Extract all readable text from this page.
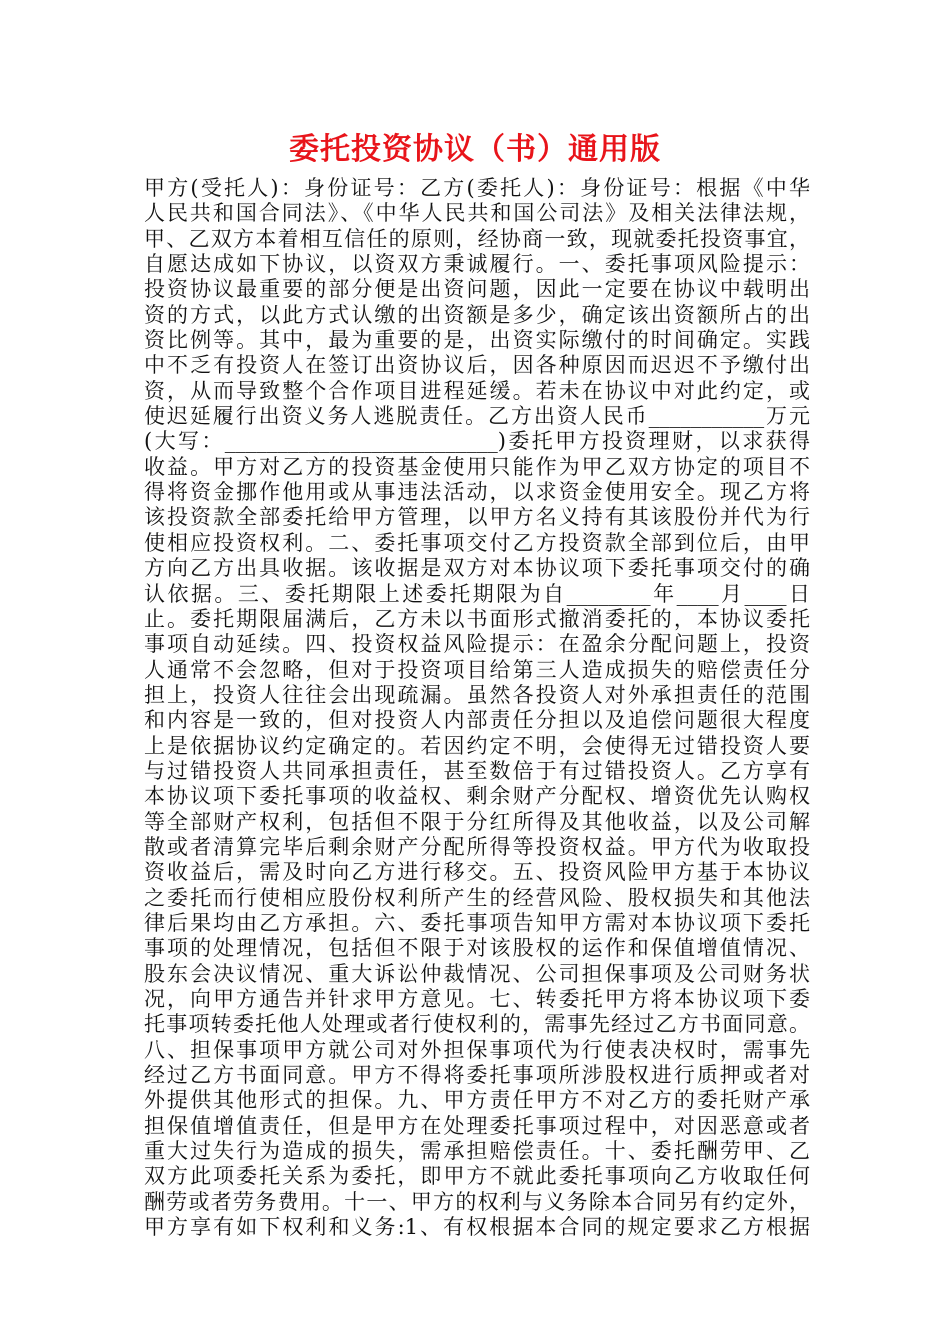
委托投资协议（书）通用版
甲方(受托人)：身份证号：乙方(委托人)：身份证号：根据《中华
人民共和国合同法》、《中华人民共和国公司法》及相关法律法规，
甲、乙双方本着相互信任的原则，经协商一致，现就委托投资事宜，
自愿达成如下协议，以资双方秉诚履行。一、委托事项风险提示：
投资协议最重要的部分便是出资问题，因此一定要在协议中载明出
资的方式，以此方式认缴的出资额是多少，确定该出资额所占的出
资比例等。其中，最为重要的是，出资实际缴付的时间确定。实践
中不乏有投资人在签订出资协议后，因各种原因而迟迟不予缴付出
资，从而导致整个合作项目进程延缓。若未在协议中对此约定，或
使迟延履行出资义务人逃脱责任。乙方出资人民币___________万元
(大写：__________________________)委托甲方投资理财，以求获得
收益。甲方对乙方的投资基金使用只能作为甲乙双方协定的项目不
得将资金挪作他用或从事违法活动，以求资金使用安全。现乙方将
该投资款全部委托给甲方管理，以甲方名义持有其该股份并代为行
使相应投资权利。二、委托事项交付乙方投资款全部到位后，由甲
方向乙方出具收据。该收据是双方对本协议项下委托事项交付的确
认依据。三、委托期限上述委托期限为自________年____月____日
止。委托期限届满后，乙方未以书面形式撤消委托的，本协议委托
事项自动延续。四、投资权益风险提示：在盈余分配问题上，投资
人通常不会忽略，但对于投资项目给第三人造成损失的赔偿责任分
担上，投资人往往会出现疏漏。虽然各投资人对外承担责任的范围
和内容是一致的，但对投资人内部责任分担以及追偿问题很大程度
上是依据协议约定确定的。若因约定不明，会使得无过错投资人要
与过错投资人共同承担责任，甚至数倍于有过错投资人。乙方享有
本协议项下委托事项的收益权、剩余财产分配权、增资优先认购权
等全部财产权利，包括但不限于分红所得及其他收益，以及公司解
散或者清算完毕后剩余财产分配所得等投资权益。甲方代为收取投
资收益后，需及时向乙方进行移交。五、投资风险甲方基于本协议
之委托而行使相应股份权利所产生的经营风险、股权损失和其他法
律后果均由乙方承担。六、委托事项告知甲方需对本协议项下委托
事项的处理情况，包括但不限于对该股权的运作和保值增值情况、
股东会决议情况、重大诉讼仲裁情况、公司担保事项及公司财务状
况，向甲方通告并针求甲方意见。七、转委托甲方将本协议项下委
托事项转委托他人处理或者行使权利的，需事先经过乙方书面同意。
八、担保事项甲方就公司对外担保事项代为行使表决权时，需事先
经过乙方书面同意。甲方不得将委托事项所涉股权进行质押或者对
外提供其他形式的担保。九、甲方责任甲方不对乙方的委托财产承
担保值增值责任，但是甲方在处理委托事项过程中，对因恶意或者
重大过失行为造成的损失，需承担赔偿责任。十、委托酬劳甲、乙
双方此项委托关系为委托，即甲方不就此委托事项向乙方收取任何
酬劳或者劳务费用。十一、甲方的权利与义务除本合同另有约定外，
甲方享有如下权利和义务:1、有权根据本合同的规定要求乙方根据
